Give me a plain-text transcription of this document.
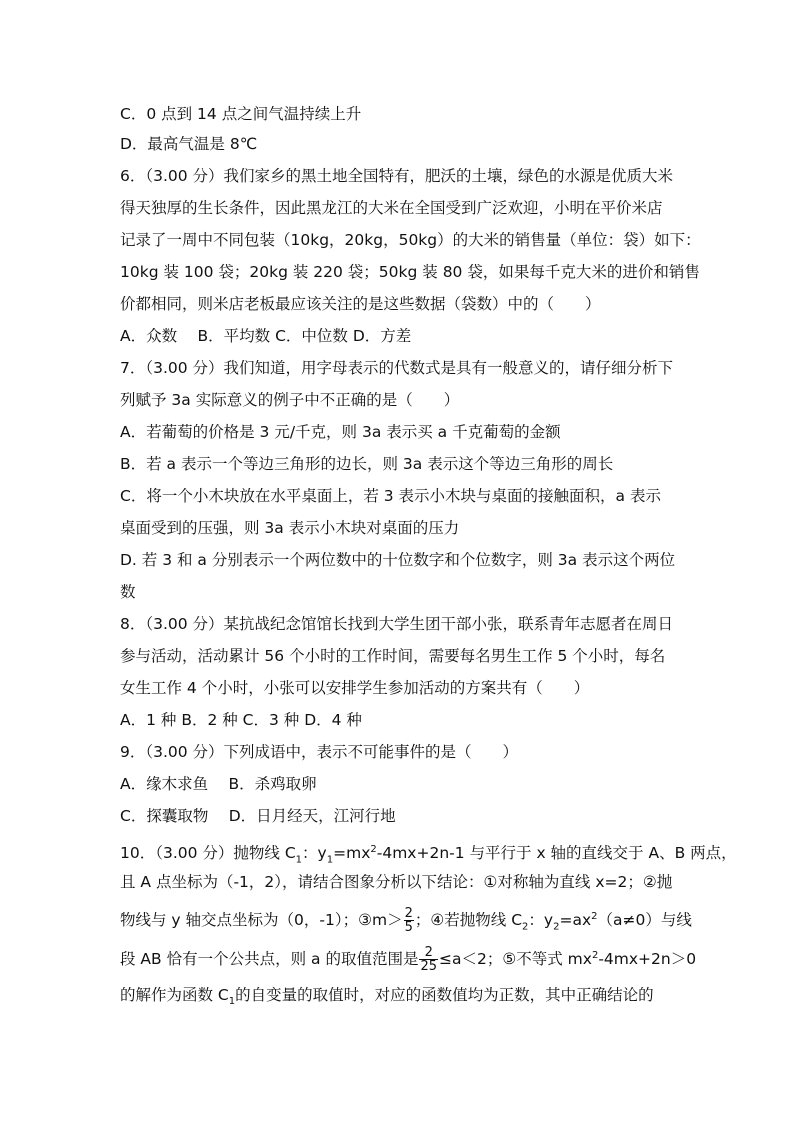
C．0 点到 14 点之间气温持续上升
D．最高气温是 8℃
6．（3.00 分）我们家乡的黑土地全国特有，肥沃的土壤，绿色的水源是优质大米
得天独厚的生长条件，因此黑龙江的大米在全国受到广泛欢迎，小明在平价米店
记录了一周中不同包装（10kg，20kg，50kg）的大米的销售量（单位：袋）如下：
10kg 装 100 袋；20kg 装 220 袋；50kg 装 80 袋，如果每千克大米的进价和销售
价都相同，则米店老板最应该关注的是这些数据（袋数）中的（　　）
A．众数　 B．平均数 C．中位数 D．方差
7．（3.00 分）我们知道，用字母表示的代数式是具有一般意义的，请仔细分析下
列赋予 3a 实际意义的例子中不正确的是（　　）
A．若葡萄的价格是 3 元/千克，则 3a 表示买 a 千克葡萄的金额
B．若 a 表示一个等边三角形的边长，则 3a 表示这个等边三角形的周长
C．将一个小木块放在水平桌面上，若 3 表示小木块与桌面的接触面积，a 表示
桌面受到的压强，则 3a 表示小木块对桌面的压力
D. 若 3 和 a 分别表示一个两位数中的十位数字和个位数字，则 3a 表示这个两位
数
8．（3.00 分）某抗战纪念馆馆长找到大学生团干部小张，联系青年志愿者在周日
参与活动，活动累计 56 个小时的工作时间，需要每名男生工作 5 个小时，每名
女生工作 4 个小时，小张可以安排学生参加活动的方案共有（　　）
A．1 种 B．2 种 C．3 种 D．4 种
9．（3.00 分）下列成语中，表示不可能事件的是（　　）
A．缘木求鱼　 B．杀鸡取卵
C．探囊取物　 D．日月经天，江河行地
10．（3.00 分）抛物线 $C_1$：$y_1=mx^2-4mx+2n-1$ 与平行于 x 轴的直线交于 A、B 两点，
且 A 点坐标为（-1，2），请结合图象分析以下结论：①对称轴为直线 x=2；②抛
物线与 y 轴交点坐标为（0，-1）；③m＞ $\frac{2}{5}$ ；④若抛物线 $C_2$：$y_2=ax^2(a\ne 0)$与线
段 AB 恰有一个公共点，则 a 的取值范围是 $\frac{2}{25} \le a<2$；⑤不等式 $mx^2-4mx+2n>0$
的解作为函数 $C_1$的自变量的取值时，对应的函数值均为正数，其中正确结论的
